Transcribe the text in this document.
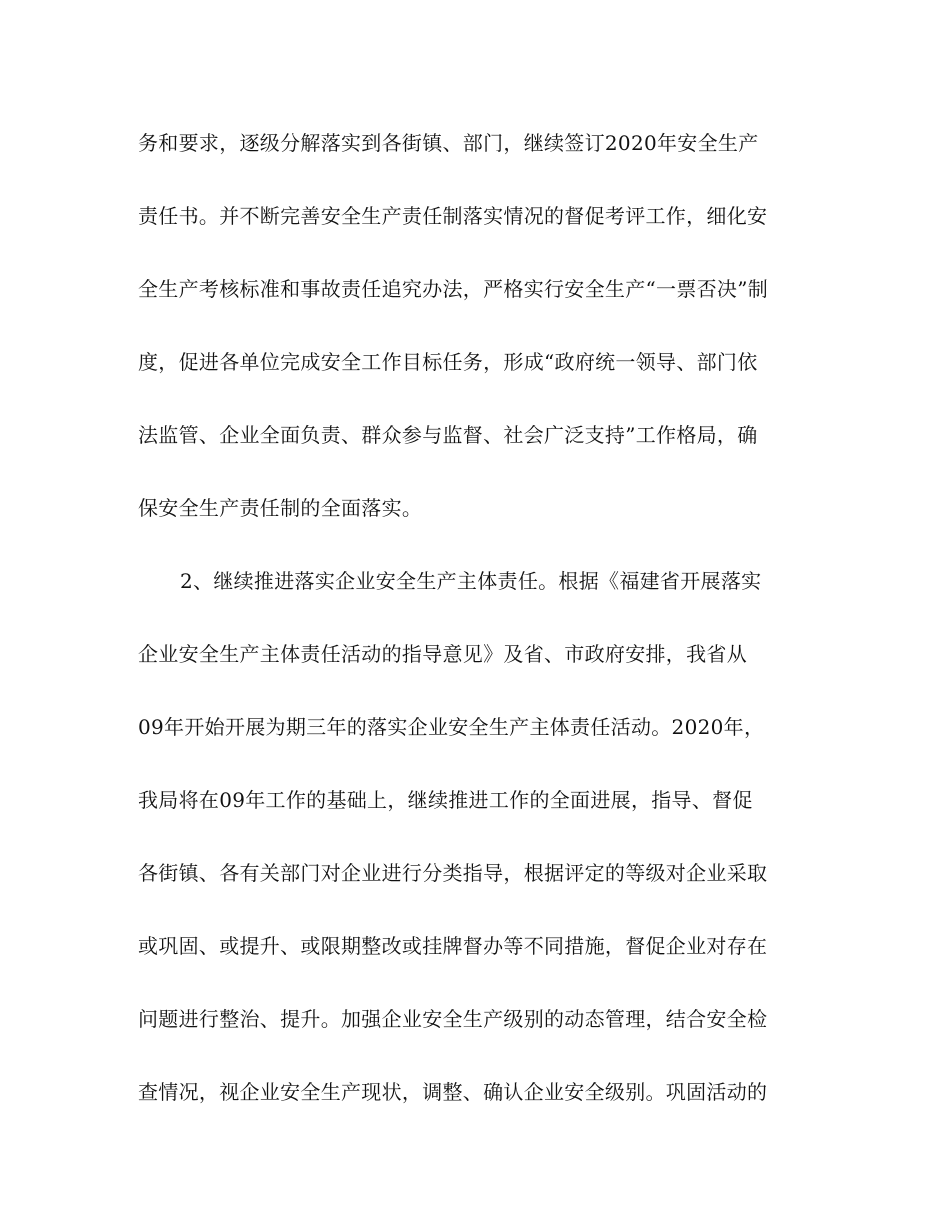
务和要求，逐级分解落实到各街镇、部门，继续签订2020年安全生产
责任书。并不断完善安全生产责任制落实情况的督促考评工作，细化安
全生产考核标准和事故责任追究办法，严格实行安全生产“一票否决”制
度，促进各单位完成安全工作目标任务，形成“政府统一领导、部门依
法监管、企业全面负责、群众参与监督、社会广泛支持”工作格局，确
保安全生产责任制的全面落实。
2、继续推进落实企业安全生产主体责任。根据《福建省开展落实
企业安全生产主体责任活动的指导意见》及省、市政府安排，我省从
09年开始开展为期三年的落实企业安全生产主体责任活动。2020年，
我局将在09年工作的基础上，继续推进工作的全面进展，指导、督促
各街镇、各有关部门对企业进行分类指导，根据评定的等级对企业采取
或巩固、或提升、或限期整改或挂牌督办等不同措施，督促企业对存在
问题进行整治、提升。加强企业安全生产级别的动态管理，结合安全检
查情况，视企业安全生产现状，调整、确认企业安全级别。巩固活动的
